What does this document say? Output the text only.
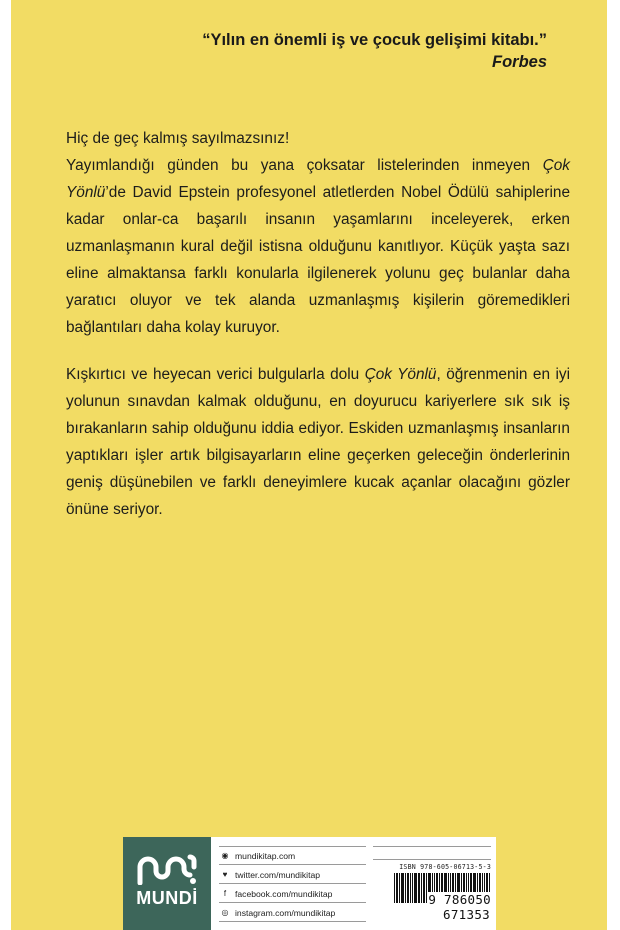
“Yılın en önemli iş ve çocuk gelişimi kitabı.”
Forbes

Hiç de geç kalmış sayılmazsınız!

Yayımlandığı günden bu yana çoksatar listelerinden inmeyen Çok Yönlü’de David Epstein profesyonel atletlerden Nobel Ödülü sahiplerine kadar onlar-ca başarılı insanın yaşamlarını inceleyerek, erken uzmanlaşmanın kural değil istisna olduğunu kanıtlıyor. Küçük yaşta sazı eline almaktansa farklı konularla ilgilenerek yolunu geç bulanlar daha yaratıcı oluyor ve tek alanda uzmanlaşmış kişilerin göremedikleri bağlantıları daha kolay kuruyor.

Kışkırtıcı ve heyecan verici bulgularla dolu Çok Yönlü, öğrenmenin en iyi yolunun sınavdan kalmak olduğunu, en doyurucu kariyerlere sık sık iş bırakanların sahip olduğunu iddia ediyor. Eskiden uzmanlaşmış insanların yaptıkları işler artık bilgisayarların eline geçerken geleceğin önderlerinin geniş düşünebilen ve farklı deneyimlere kucak açanlar olacağını gözler önüne seriyor.

MUNDİ
◉ mundikitap.com
♥ twitter.com/mundikitap
f	facebook.com/mundikitap
◎ instagram.com/mundikitap
ISBN 978-605-06713-5-3
9 786050 671353
